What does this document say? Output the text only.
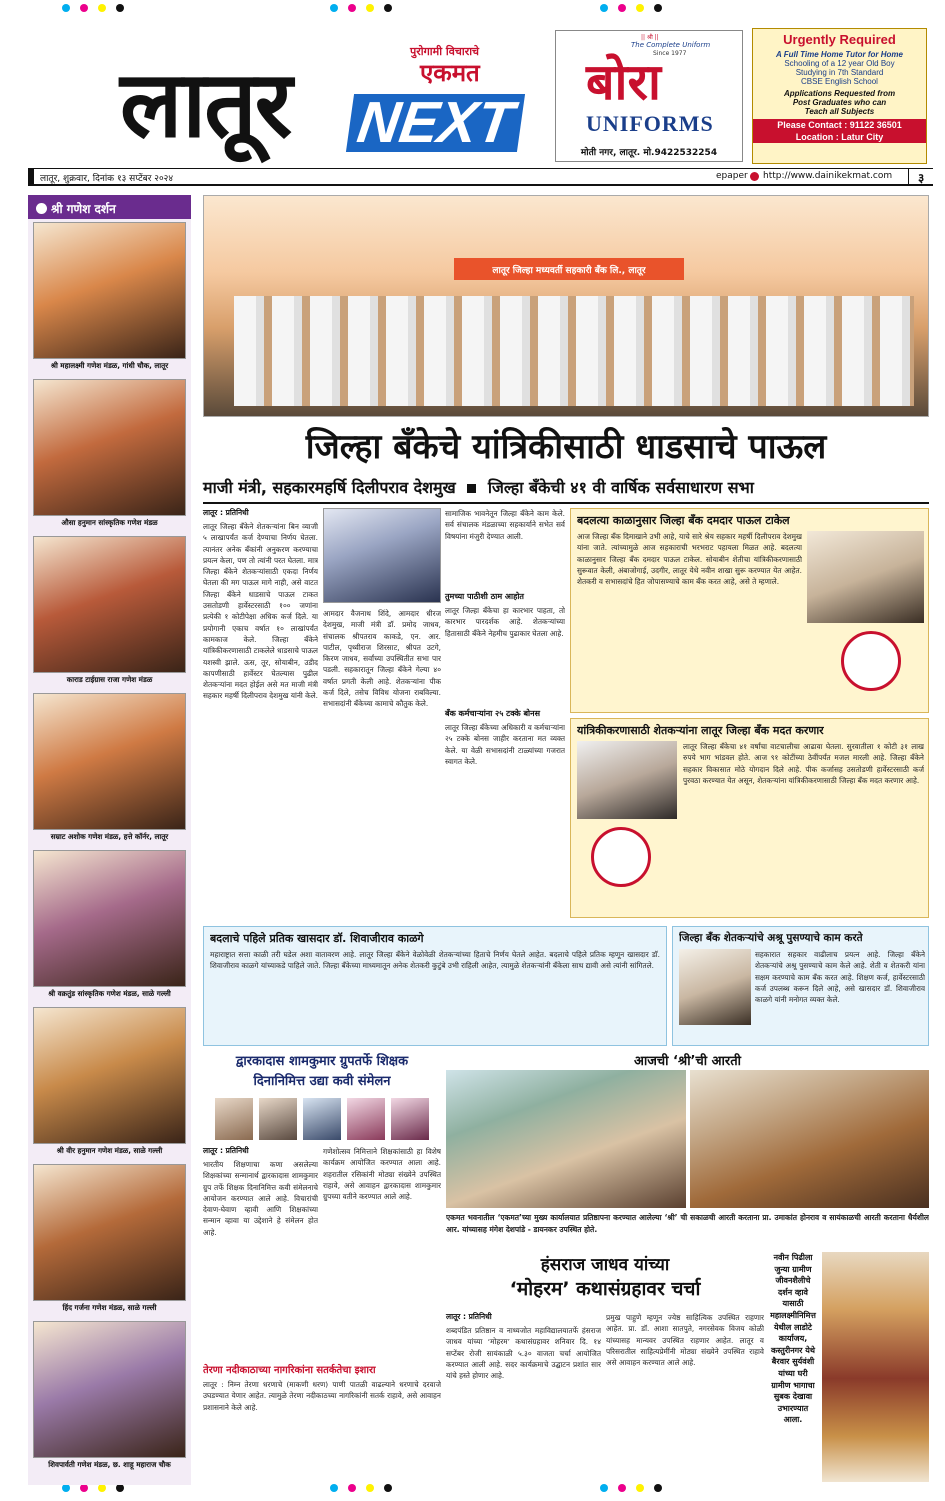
लातूर	पुरोगामी विचाराचे
एकमत
NEXT
|| श्री ||
The Complete Uniform
Since 1977
बोरा
UNIFORMS
मोती नगर, लातूर. मो.9422532254
Urgently Required
A Full Time Home Tutor for Home
Schooling of a 12 year Old Boy
Studying in 7th Standard
CBSE English School
Applications Requested from
Post Graduates who can
Teach all Subjects
Please Contact : 91122 36501
Location : Latur City
लातूर, शुक्रवार, दिनांक १३ सप्टेंबर २०२४	epaper http://www.dainikekmat.com ३
श्री गणेश दर्शन
श्री महालक्ष्मी गणेश मंडळ, गांधी चौक, लातूर
औसा हनुमान सांस्कृतिक गणेश मंडळ
काराड टाईग्रास राजा गणेश मंडळ
सम्राट अशोक गणेश मंडळ, हत्ते कॉर्नर, लातूर
श्री वक्रतुंड सांस्कृतिक गणेश मंडळ, साळे गल्ली
श्री वीर हनुमान गणेश मंडळ, साळे गल्ली
हिंद गर्जना गणेश मंडळ, साळे गल्ली
शिवपार्वती गणेश मंडळ, छ. शाहू महाराज चौक
लातूर जिल्हा मध्यवर्ती सहकारी बँक लि., लातूर
जिल्हा बँकेचे यांत्रिकीसाठी धाडसाचे पाऊल
माजी मंत्री, सहकारमहर्षि दिलीपराव देशमुख जिल्हा बँकेची ४१ वी वार्षिक सर्वसाधारण सभा
लातूर : प्रतिनिधी
लातूर जिल्हा बँकेने शेतकऱ्यांना बिन व्याजी ५ लाखापर्यंत कर्ज देण्याचा निर्णय घेतला. त्यानंतर अनेक बँकांनी अनुकरण करण्याचा प्रयत्न केला, पण तो त्यांनी परत घेतला. मात्र जिल्हा बँकेने शेतकऱ्यांसाठी एकदा निर्णय घेतला की मग पाऊल मागे नाही, असे वाटत जिल्हा बँकेने धाडसाचे पाऊल टाकत उसतोडणी हार्वेस्टरसाठी १०० जणांना प्रत्येकी १ कोटीपेक्षा अधिक कर्ज दिले. या प्रयोगानी एकाच वर्षात १० लाखांपर्यंत कामकाज केले. जिल्हा बँकेने यांत्रिकीकरणासाठी टाकलेले धाडसाचे पाऊल यशस्वी झाले. ऊस, तूर, सोयाबीन, उडीद कापणीसाठी हार्वेस्टर घेतल्यास पुढील शेतकऱ्यांना मदत होईल असे मत माजी मंत्री सहकार महर्षी दिलीपराव देशमुख यांनी केले.
आमदार वैजनाथ शिंदे, आमदार धीरज देशमुख, माजी मंत्री डॉ. प्रमोद जाधव, संचालक श्रीपतराव काकडे, एन. आर. पाटील, पृथ्वीराज शिरसाट, श्रीपत उटगे, किरण जाधव, सर्वांच्या उपस्थितीत सभा पार पडली. सहकारातून जिल्हा बँकेने गेल्या ४० वर्षात प्रगती केली आहे. शेतकऱ्यांना पीक कर्ज दिले, तसेच विविध योजना राबविल्या. सभासदांनी बँकेच्या कामाचे कौतुक केले.
सामाजिक भावनेतून जिल्हा बँकेने काम केले. सर्व संचालक मंडळाच्या सहकार्याने सभेत सर्व विषयांना मंजुरी देण्यात आली.
तुमच्या पाठीशी ठाम आहोत
लातूर जिल्हा बँकेचा हा कारभार पाहता, तो कारभार पारदर्शक आहे. शेतकऱ्यांच्या हितासाठी बँकेने नेहमीच पुढाकार घेतला आहे.
बँक कर्मचाऱ्यांना २५ टक्के बोनस
लातूर जिल्हा बँकेच्या अधिकारी व कर्मचाऱ्यांना २५ टक्के बोनस जाहीर करताना मत व्यक्त केले. या वेळी सभासदांनी टाळ्यांच्या गजरात स्वागत केले.
बदलत्या काळानुसार जिल्हा बँक दमदार पाऊल टाकेल
आज जिल्हा बँक दिमाखाने उभी आहे, याचे सारे श्रेय सहकार महर्षी दिलीपराव देशमुख यांना जाते. त्यांच्यामुळे आज सहकाराची भरभराट पहायला मिळत आहे. बदलत्या काळानुसार जिल्हा बँक दमदार पाऊल टाकेल. सोयाबीन शेतीचा यांत्रिकीकरणासाठी सुरूवात केली, अंबाजोगाई, उदगीर, लातूर येथे नवीन शाखा सुरू करण्यात येत आहेत. शेतकरी व सभासदांचे हित जोपासण्याचे काम बँक करत आहे, असे ते म्हणाले.
यांत्रिकीकरणासाठी शेतकऱ्यांना लातूर जिल्हा बँक मदत करणार
लातूर जिल्हा बँकेचा ४१ वर्षांचा वाटचालीचा आढावा घेतला. सुरवातीला १ कोटी ३१ लाख रुपये भाग भांडवल होते. आज ९१ कोटींच्या ठेवींपर्यंत मजल मारली आहे. जिल्हा बँकेने सहकार विकासात मोठे योगदान दिले आहे. पीक कर्जासह उसतोडणी हार्वेस्टरसाठी कर्ज पुरवठा करण्यात येत असून, शेतकऱ्यांना यांत्रिकीकरणासाठी जिल्हा बँक मदत करणार आहे.
बदलाचे पहिले प्रतिक खासदार डॉ. शिवाजीराव काळगे
महाराष्ट्रात सत्ता काळी तरी घडेल अशा वातावरण आहे. लातूर जिल्हा बँकेने वेळोवेळी शेतकऱ्यांच्या हिताचे निर्णय घेतले आहेत. बदलाचे पहिले प्रतिक म्हणून खासदार डॉ. शिवाजीराव काळगे यांच्याकडे पाहिले जाते. जिल्हा बँकेच्या माध्यमातून अनेक शेतकरी कुटुंबे उभी राहिली आहेत, त्यामुळे शेतकऱ्यांनी बँकेला साथ द्यावी असे त्यांनी सांगितले.
जिल्हा बँक शेतकऱ्यांचे अश्रू पुसण्याचे काम करते
सहकारात सहकार वाढीलाच प्रयत्न आहे. जिल्हा बँकेने शेतकऱ्यांचे अश्रू पुसण्याचे काम केले आहे. शेती व शेतकरी यांना सक्षम करण्याचे काम बँक करत आहे. शिक्षण कर्ज, हार्वेस्टरसाठी कर्ज उपलब्ध करून दिले आहे, असे खासदार डॉ. शिवाजीराव काळगे यांनी मनोगत व्यक्त केले.
द्वारकादास शामकुमार ग्रुपतर्फे शिक्षक
दिनानिमित्त उद्या कवी संमेलन
लातूर : प्रतिनिधी
भारतीय शिक्षणाचा कणा असलेल्या शिक्षकांच्या सन्मानार्थ द्वारकादास शामकुमार ग्रुप तर्फे शिक्षक दिनानिमित्त कवी संमेलनाचे आयोजन करण्यात आले आहे. विचारांची देवाण-घेवाण व्हावी आणि शिक्षकांच्या सन्मान व्हावा या उद्देशाने हे संमेलन होत आहे.
गणेशोत्सव निमित्ताने शिक्षकांसाठी हा विशेष कार्यक्रम आयोजित करण्यात आला आहे. शहरातील रसिकांनी मोठ्या संख्येने उपस्थित राहावे, असे आवाहन द्वारकादास शामकुमार ग्रुपच्या वतीने करण्यात आले आहे.
तेरणा नदीकाठाच्या नागरिकांना सतर्कतेचा इशारा
लातूर : निम्न तेरणा धरणाचे (माकणी धरण) पाणी पातळी वाढल्याने धरणाचे दरवाजे उघडण्यात येणार आहेत. त्यामुळे तेरणा नदीकाठच्या नागरिकांनी सतर्क राहावे, असे आवाहन प्रशासनाने केले आहे.
आजची ‘श्री’ची आरती
एकमत भवनातील ‘एकमत’च्या मुख्य कार्यालयात प्रतिष्ठापना करण्यात आलेल्या ‘श्री’ ची सकाळची आरती करताना प्रा. उमाकांत होनराव व सायंकाळची आरती करताना धैर्यशील आर. यांच्यासह मंगेश देशपांडे - डायनकर उपस्थित होते.
हंसराज जाधव यांच्या
‘मोहरम’ कथासंग्रहावर चर्चा
लातूर : प्रतिनिधी
शब्दपंडित प्रतिष्ठान व नाथ्यजोत महाविद्यालयातर्फे हंसराज जाधव यांच्या ‘मोहरम’ कथासंग्रहावर शनिवार दि. १४ सप्टेंबर रोजी सायंकाळी ५.३० वाजता चर्चा आयोजित करण्यात आली आहे. सदर कार्यक्रमाचे उद्घाटन प्रशांत सार यांचे हस्ते होणार आहे.
प्रमुख पाहुणे म्हणून ज्येष्ठ साहित्यिक उपस्थित राहणार आहेत. प्रा. डॉ. आशा सातपुते, नगरसेवक विजय कोळी यांच्यासह मान्यवर उपस्थित राहणार आहेत. लातूर व परिसरातील साहित्यप्रेमींनी मोठ्या संख्येने उपस्थित राहावे असे आवाहन करण्यात आले आहे.
नवीन पिढीला जुन्या ग्रामीण जीवनशैलीचे दर्शन व्हावे यासाठी महालक्ष्मीनिमित्त येथील लाडोटे कार्याजय, कस्तुरीनगर येथे बैरवार सुर्यवंशी यांच्या घरी ग्रामीण भागाचा सुबक देखावा उभारण्यात आला.
